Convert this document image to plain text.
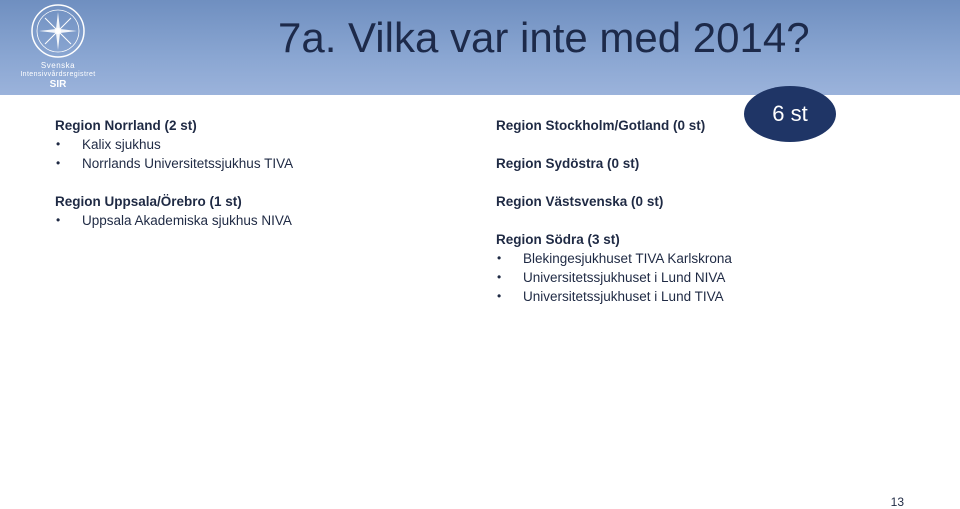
Svenska
Intensivvårdsregistret
SIR
7a. Vilka var inte med 2014?
6 st
Region Norrland (2 st)
• Kalix sjukhus
• Norrlands Universitetssjukhus TIVA
Region Uppsala/Örebro (1 st)
• Uppsala Akademiska sjukhus NIVA
Region Stockholm/Gotland (0 st)
Region Sydöstra (0 st)
Region Västsvenska (0 st)
Region Södra (3 st)
• Blekingesjukhuset TIVA Karlskrona
• Universitetssjukhuset i Lund NIVA
• Universitetssjukhuset i Lund TIVA
13
